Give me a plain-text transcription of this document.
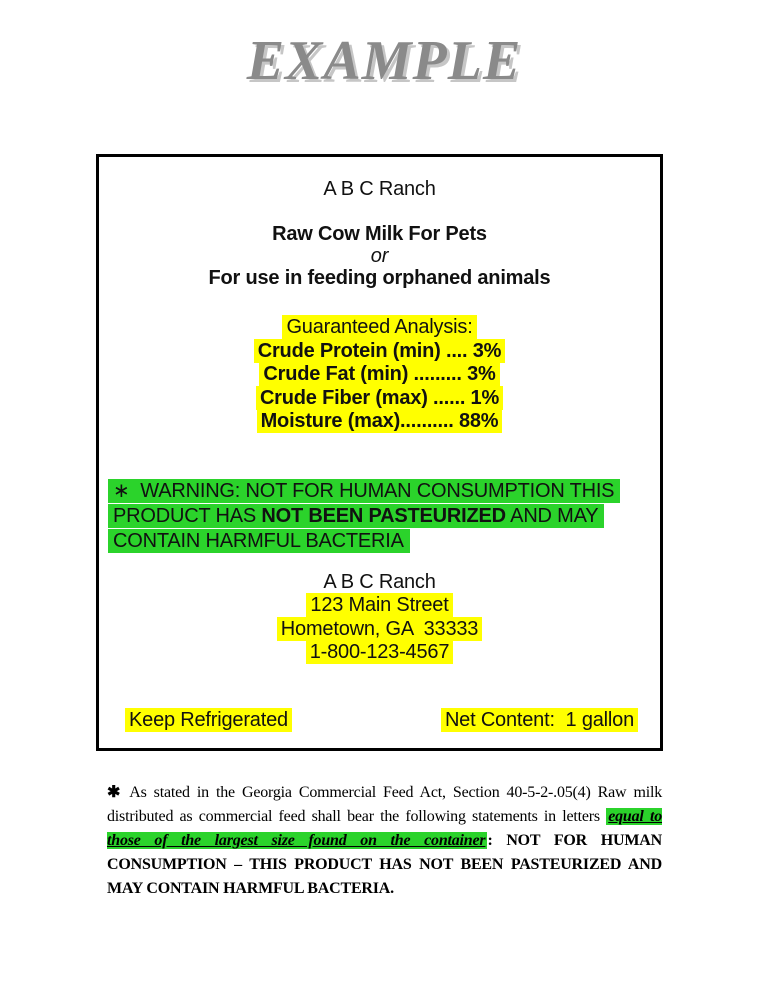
EXAMPLE
A B C Ranch
Raw Cow Milk For Pets
or
For use in feeding orphaned animals
Guaranteed Analysis:
Crude Protein (min) .... 3%
Crude Fat (min) ......... 3%
Crude Fiber (max) ...... 1%
Moisture (max).......... 88%
∗  WARNING: NOT FOR HUMAN CONSUMPTION THIS
PRODUCT HAS NOT BEEN PASTEURIZED AND MAY
CONTAIN HARMFUL BACTERIA
A B C Ranch
123 Main Street
Hometown, GA  33333
1-800-123-4567
Keep Refrigerated	Net Content:  1 gallon

✱ As stated in the Georgia Commercial Feed Act, Section 40-5-2-.05(4) Raw milk distributed as commercial feed shall bear the following statements in letters equal to those of the largest size found on the container : NOT FOR HUMAN CONSUMPTION – THIS PRODUCT HAS NOT BEEN PASTEURIZED AND MAY CONTAIN HARMFUL BACTERIA.
